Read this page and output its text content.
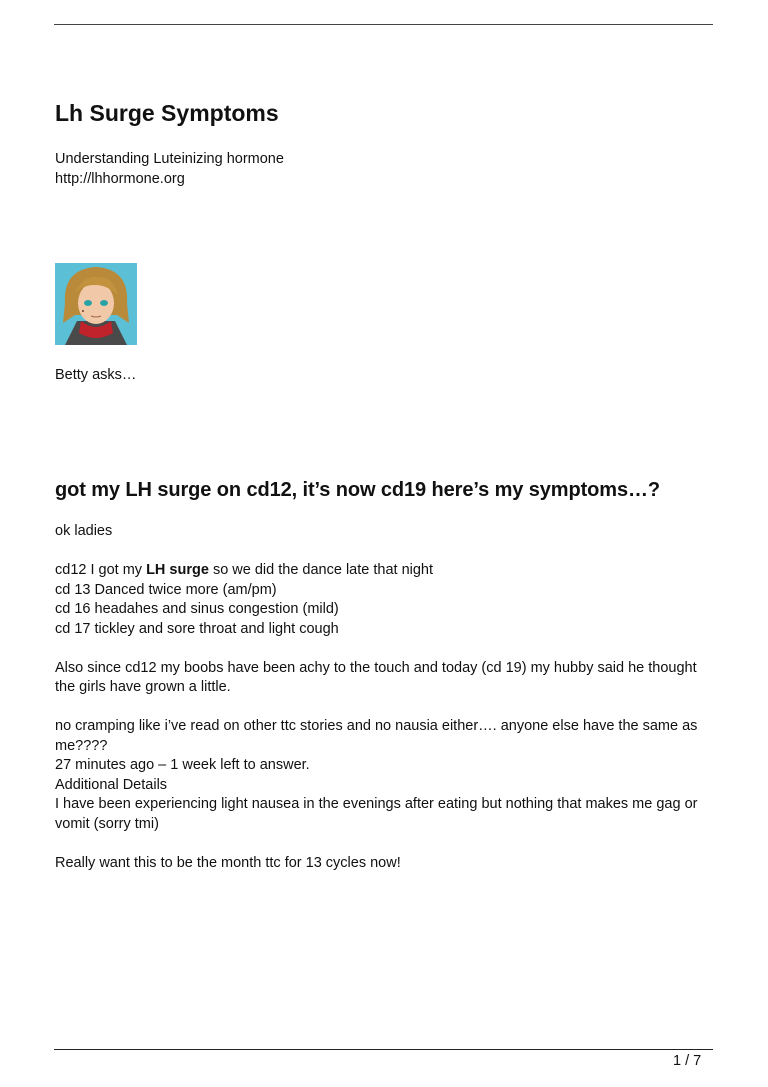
Lh Surge Symptoms
Understanding Luteinizing hormone
http://lhhormone.org
Betty asks…
got my LH surge on cd12, it’s now cd19 here’s my symptoms…?

ok ladies

cd12 I got my LH surge so we did the dance late that night

cd 13 Danced twice more (am/pm)

cd 16 headahes and sinus congestion (mild)

cd 17 tickley and sore throat and light cough

Also since cd12 my boobs have been achy to the touch and today (cd 19) my hubby said he thought the girls have grown a little.

no cramping like i’ve read on other ttc stories and no nausia either…. anyone else have the same as me????

27 minutes ago – 1 week left to answer.

Additional Details

I have been experiencing light nausea in the evenings after eating but nothing that makes me gag or vomit (sorry tmi)

Really want this to be the month ttc for 13 cycles now!

1 / 7
